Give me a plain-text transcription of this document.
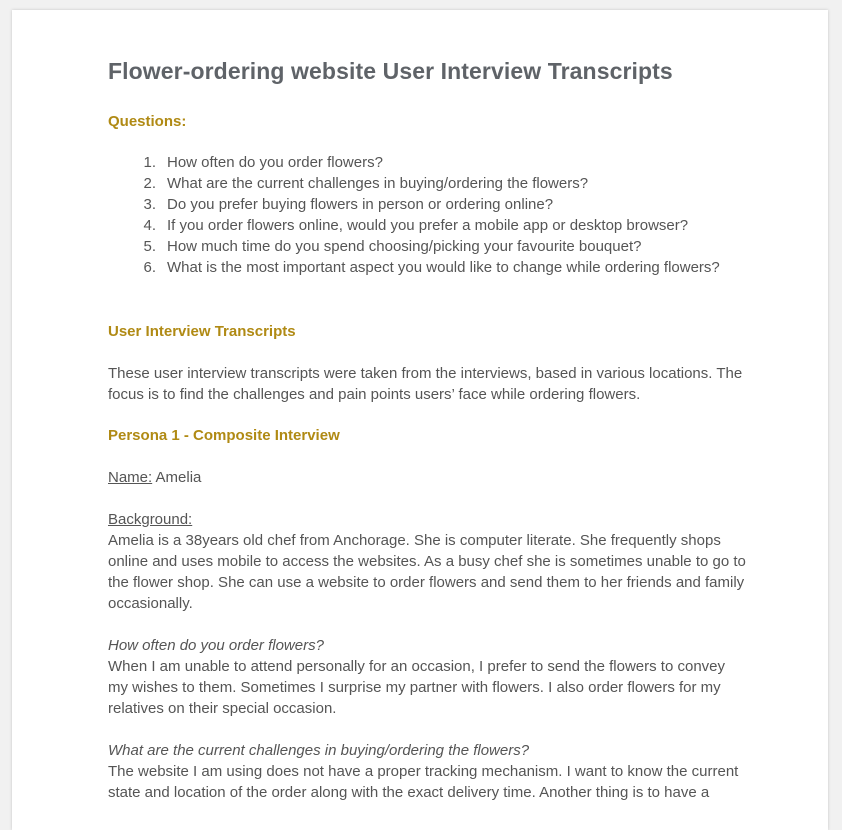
Flower-ordering website User Interview Transcripts
Questions:
1. How often do you order flowers?
2. What are the current challenges in buying/ordering the flowers?
3. Do you prefer buying flowers in person or ordering online?
4. If you order flowers online, would you prefer a mobile app or desktop browser?
5. How much time do you spend choosing/picking your favourite bouquet?
6. What is the most important aspect you would like to change while ordering flowers?
User Interview Transcripts

These user interview transcripts were taken from the interviews, based in various locations. The focus is to find the challenges and pain points users’ face while ordering flowers.

Persona 1 - Composite Interview

Name: Amelia

Background:

Amelia is a 38years old chef from Anchorage. She is computer literate. She frequently shops online and uses mobile to access the websites. As a busy chef she is sometimes unable to go to the flower shop. She can use a website to order flowers and send them to her friends and family occasionally.

How often do you order flowers?

When I am unable to attend personally for an occasion, I prefer to send the flowers to convey my wishes to them. Sometimes I surprise my partner with flowers. I also order flowers for my relatives on their special occasion.

What are the current challenges in buying/ordering the flowers?

The website I am using does not have a proper tracking mechanism. I want to know the current state and location of the order along with the exact delivery time. Another thing is to have a
